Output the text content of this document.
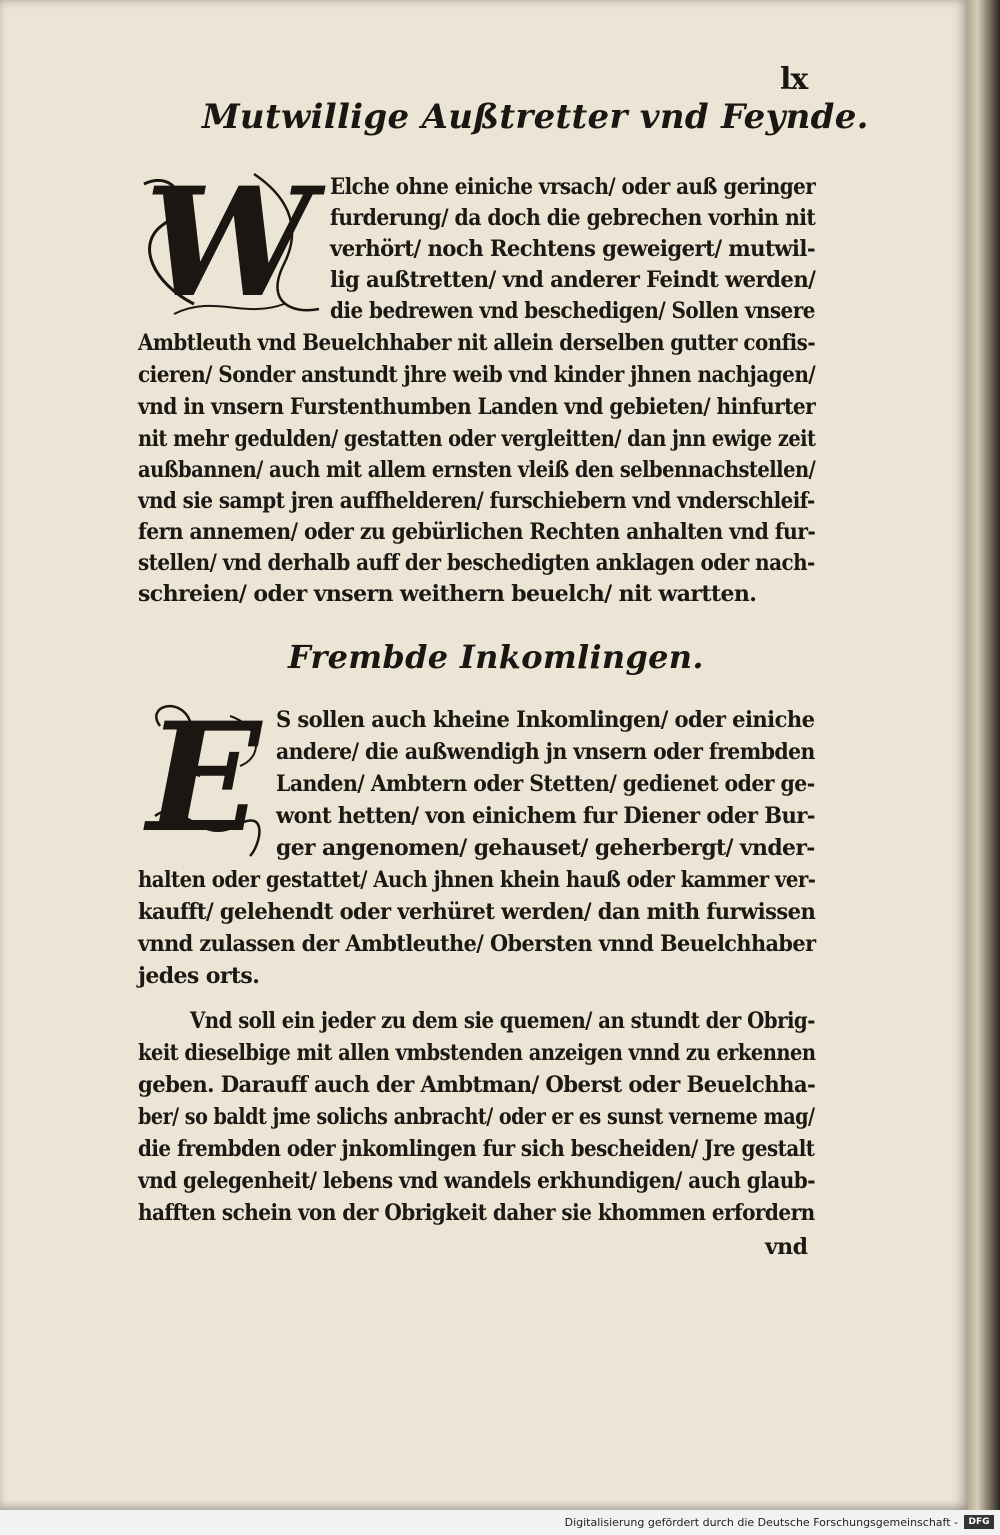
lx
Mutwillige Außtretter vnd Feynde.
W Elche ohne einiche vrsach/ oder auß geringer
furderung/ da doch die gebrechen vorhin nit
verhört/ noch Rechtens geweigert/ mutwil-
lig außtretten/ vnd anderer Feindt werden/
die bedrewen vnd beschedigen/ Sollen vnsere
Ambtleuth vnd Beuelchhaber nit allein derselben gutter confis-
cieren/ Sonder anstundt jhre weib vnd kinder jhnen nachjagen/
vnd in vnsern Furstenthumben Landen vnd gebieten/ hinfurter
nit mehr gedulden/ gestatten oder vergleitten/ dan jnn ewige zeit
außbannen/ auch mit allem ernsten vleiß den selbennachstellen/
vnd sie sampt jren auffhelderen/ furschiebern vnd vnderschleif-
fern annemen/ oder zu gebürlichen Rechten anhalten vnd fur-
stellen/ vnd derhalb auff der beschedigten anklagen oder nach-
schreien/ oder vnsern weithern beuelch/ nit wartten.
Frembde Inkomlingen.
E S sollen auch kheine Inkomlingen/ oder einiche
andere/ die außwendigh jn vnsern oder frembden
Landen/ Ambtern oder Stetten/ gedienet oder ge-
wont hetten/ von einichem fur Diener oder Bur-
ger angenomen/ gehauset/ geherbergt/ vnder-
halten oder gestattet/ Auch jhnen khein hauß oder kammer ver-
kaufft/ gelehendt oder verhüret werden/ dan mith furwissen
vnnd zulassen der Ambtleuthe/ Obersten vnnd Beuelchhaber
jedes orts.
Vnd soll ein jeder zu dem sie quemen/ an stundt der Obrig-
keit dieselbige mit allen vmbstenden anzeigen vnnd zu erkennen
geben. Darauff auch der Ambtman/ Oberst oder Beuelchha-
ber/ so baldt jme solichs anbracht/ oder er es sunst verneme mag/
die frembden oder jnkomlingen fur sich bescheiden/ Jre gestalt
vnd gelegenheit/ lebens vnd wandels erkhundigen/ auch glaub-
hafften schein von der Obrigkeit daher sie khommen erfordern
vnd
Digitalisierung gefördert durch die Deutsche Forschungsgemeinschaft -	DFG
